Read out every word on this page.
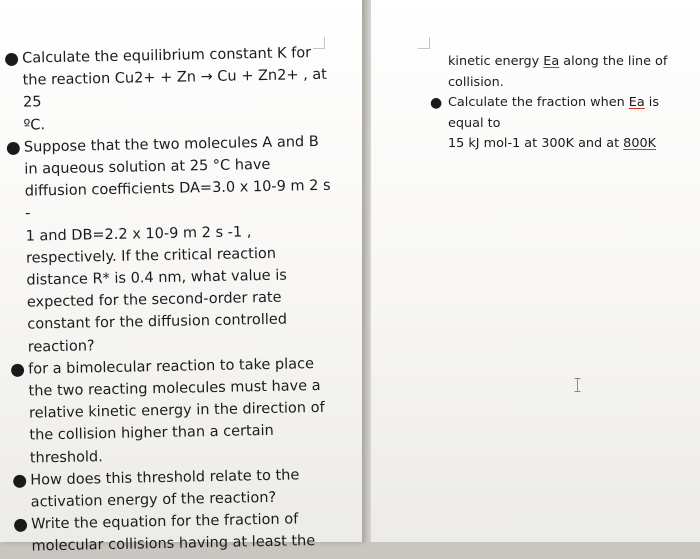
● Calculate the equilibrium constant K for
the reaction Cu2+ + Zn → Cu + Zn2+ , at 25
ºC.
● Suppose that the two molecules A and B
in aqueous solution at 25 °C have
diffusion coefficients DA=3.0 x 10-9 m 2 s -
1 and DB=2.2 x 10-9 m 2 s -1 ,
respectively. If the critical reaction
distance R* is 0.4 nm, what value is
expected for the second-order rate
constant for the diffusion controlled
reaction?
● for a bimolecular reaction to take place
the two reacting molecules must have a
relative kinetic energy in the direction of
the collision higher than a certain
threshold.
● How does this threshold relate to the
activation energy of the reaction?
● Write the equation for the fraction of
molecular collisions having at least the
kinetic energy Ea along the line of
collision.
● Calculate the fraction when Ea is equal to
15 kJ mol-1 at 300K and at 800K
